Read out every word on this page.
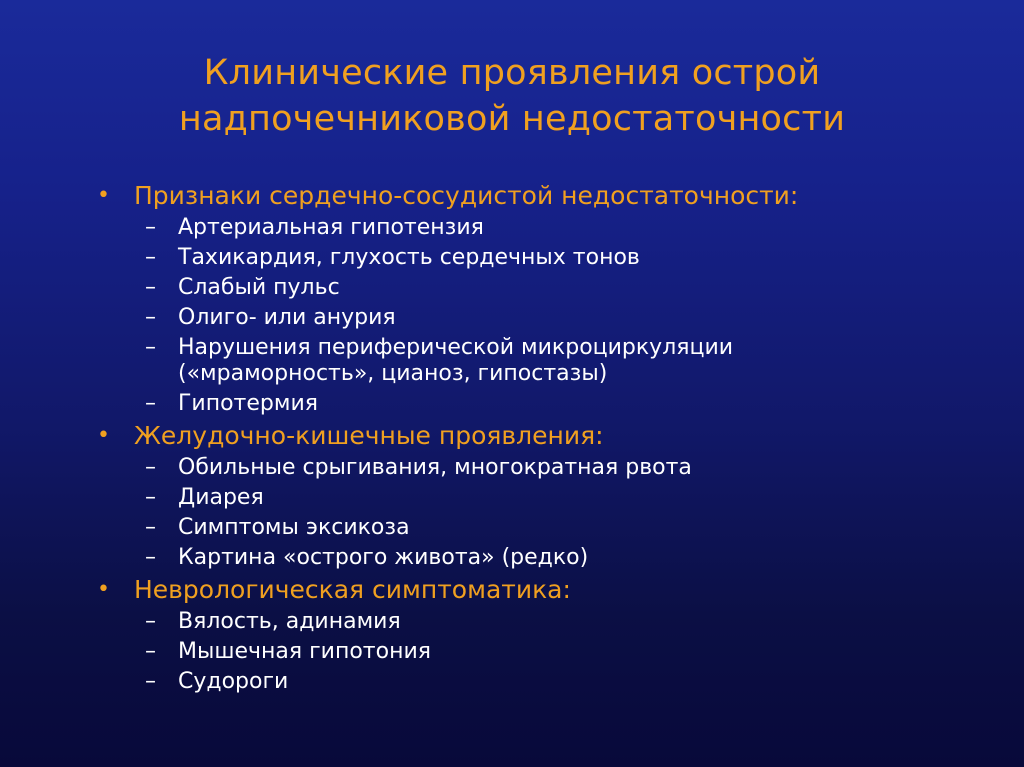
Клинические проявления острой
надпочечниковой недостаточности
• Признаки сердечно-сосудистой недостаточности:
– Артериальная гипотензия
– Тахикардия, глухость сердечных тонов
– Слабый пульс
– Олиго- или анурия
– Нарушения периферической микроциркуляции
(«мраморность», цианоз, гипостазы)
– Гипотермия
• Желудочно-кишечные проявления:
– Обильные срыгивания, многократная рвота
– Диарея
– Симптомы эксикоза
– Картина «острого живота» (редко)
• Неврологическая симптоматика:
– Вялость, адинамия
– Мышечная гипотония
– Судороги
